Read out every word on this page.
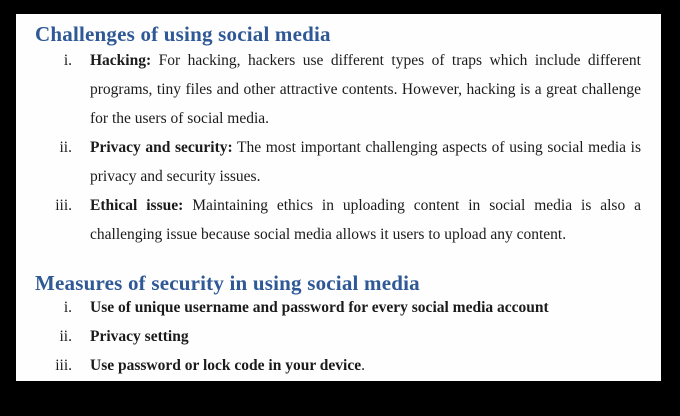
Challenges of using social media
i. Hacking: For hacking, hackers use different types of traps which include different programs, tiny files and other attractive contents. However, hacking is a great challenge for the users of social media.

ii. Privacy and security: The most important challenging aspects of using social media is privacy and security issues.

iii. Ethical issue: Maintaining ethics in uploading content in social media is also a challenging issue because social media allows it users to upload any content.

Measures of security in using social media
i. Use of unique username and password for every social media account

ii. Privacy setting

iii. Use password or lock code in your device.
